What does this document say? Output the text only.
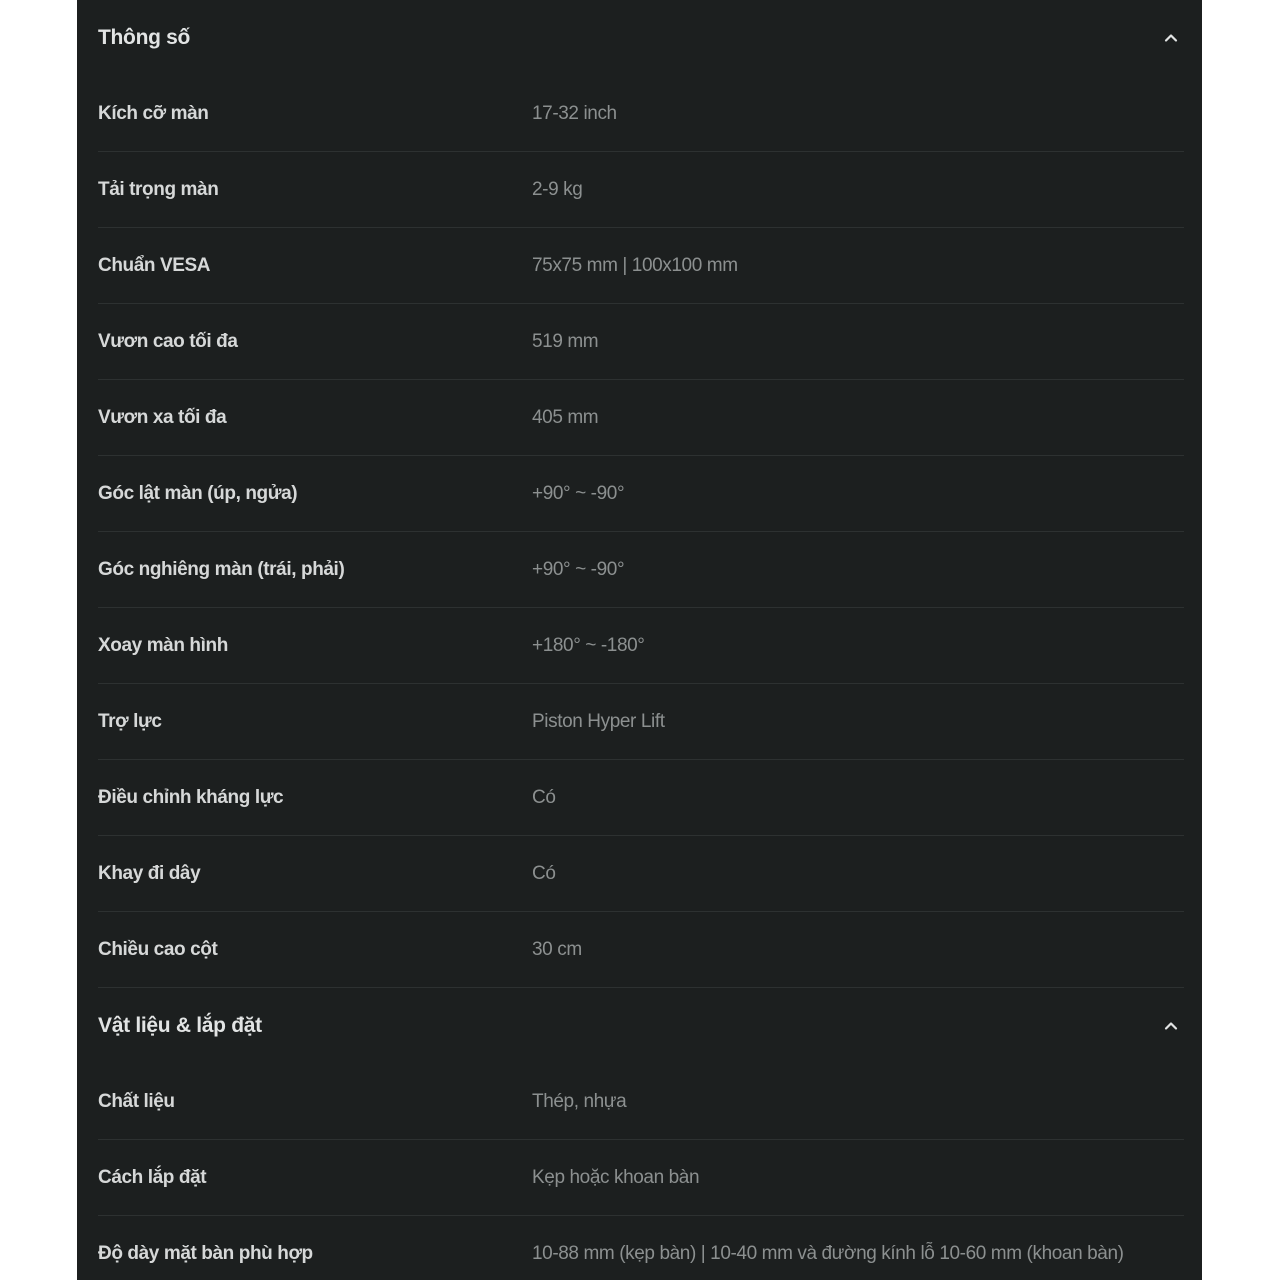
Thông số
Kích cỡ màn	17-32 inch
Tải trọng màn	2-9 kg
Chuẩn VESA	75x75 mm | 100x100 mm
Vươn cao tối đa	519 mm
Vươn xa tối đa	405 mm
Góc lật màn (úp, ngửa)	+90° ~ -90°
Góc nghiêng màn (trái, phải)	+90° ~ -90°
Xoay màn hình	+180° ~ -180°
Trợ lực	Piston Hyper Lift
Điều chỉnh kháng lực	Có
Khay đi dây	Có
Chiều cao cột	30 cm
Vật liệu & lắp đặt
Chất liệu	Thép, nhựa
Cách lắp đặt	Kẹp hoặc khoan bàn
Độ dày mặt bàn phù hợp	10-88 mm (kẹp bàn) | 10-40 mm và đường kính lỗ 10-60 mm (khoan bàn)
